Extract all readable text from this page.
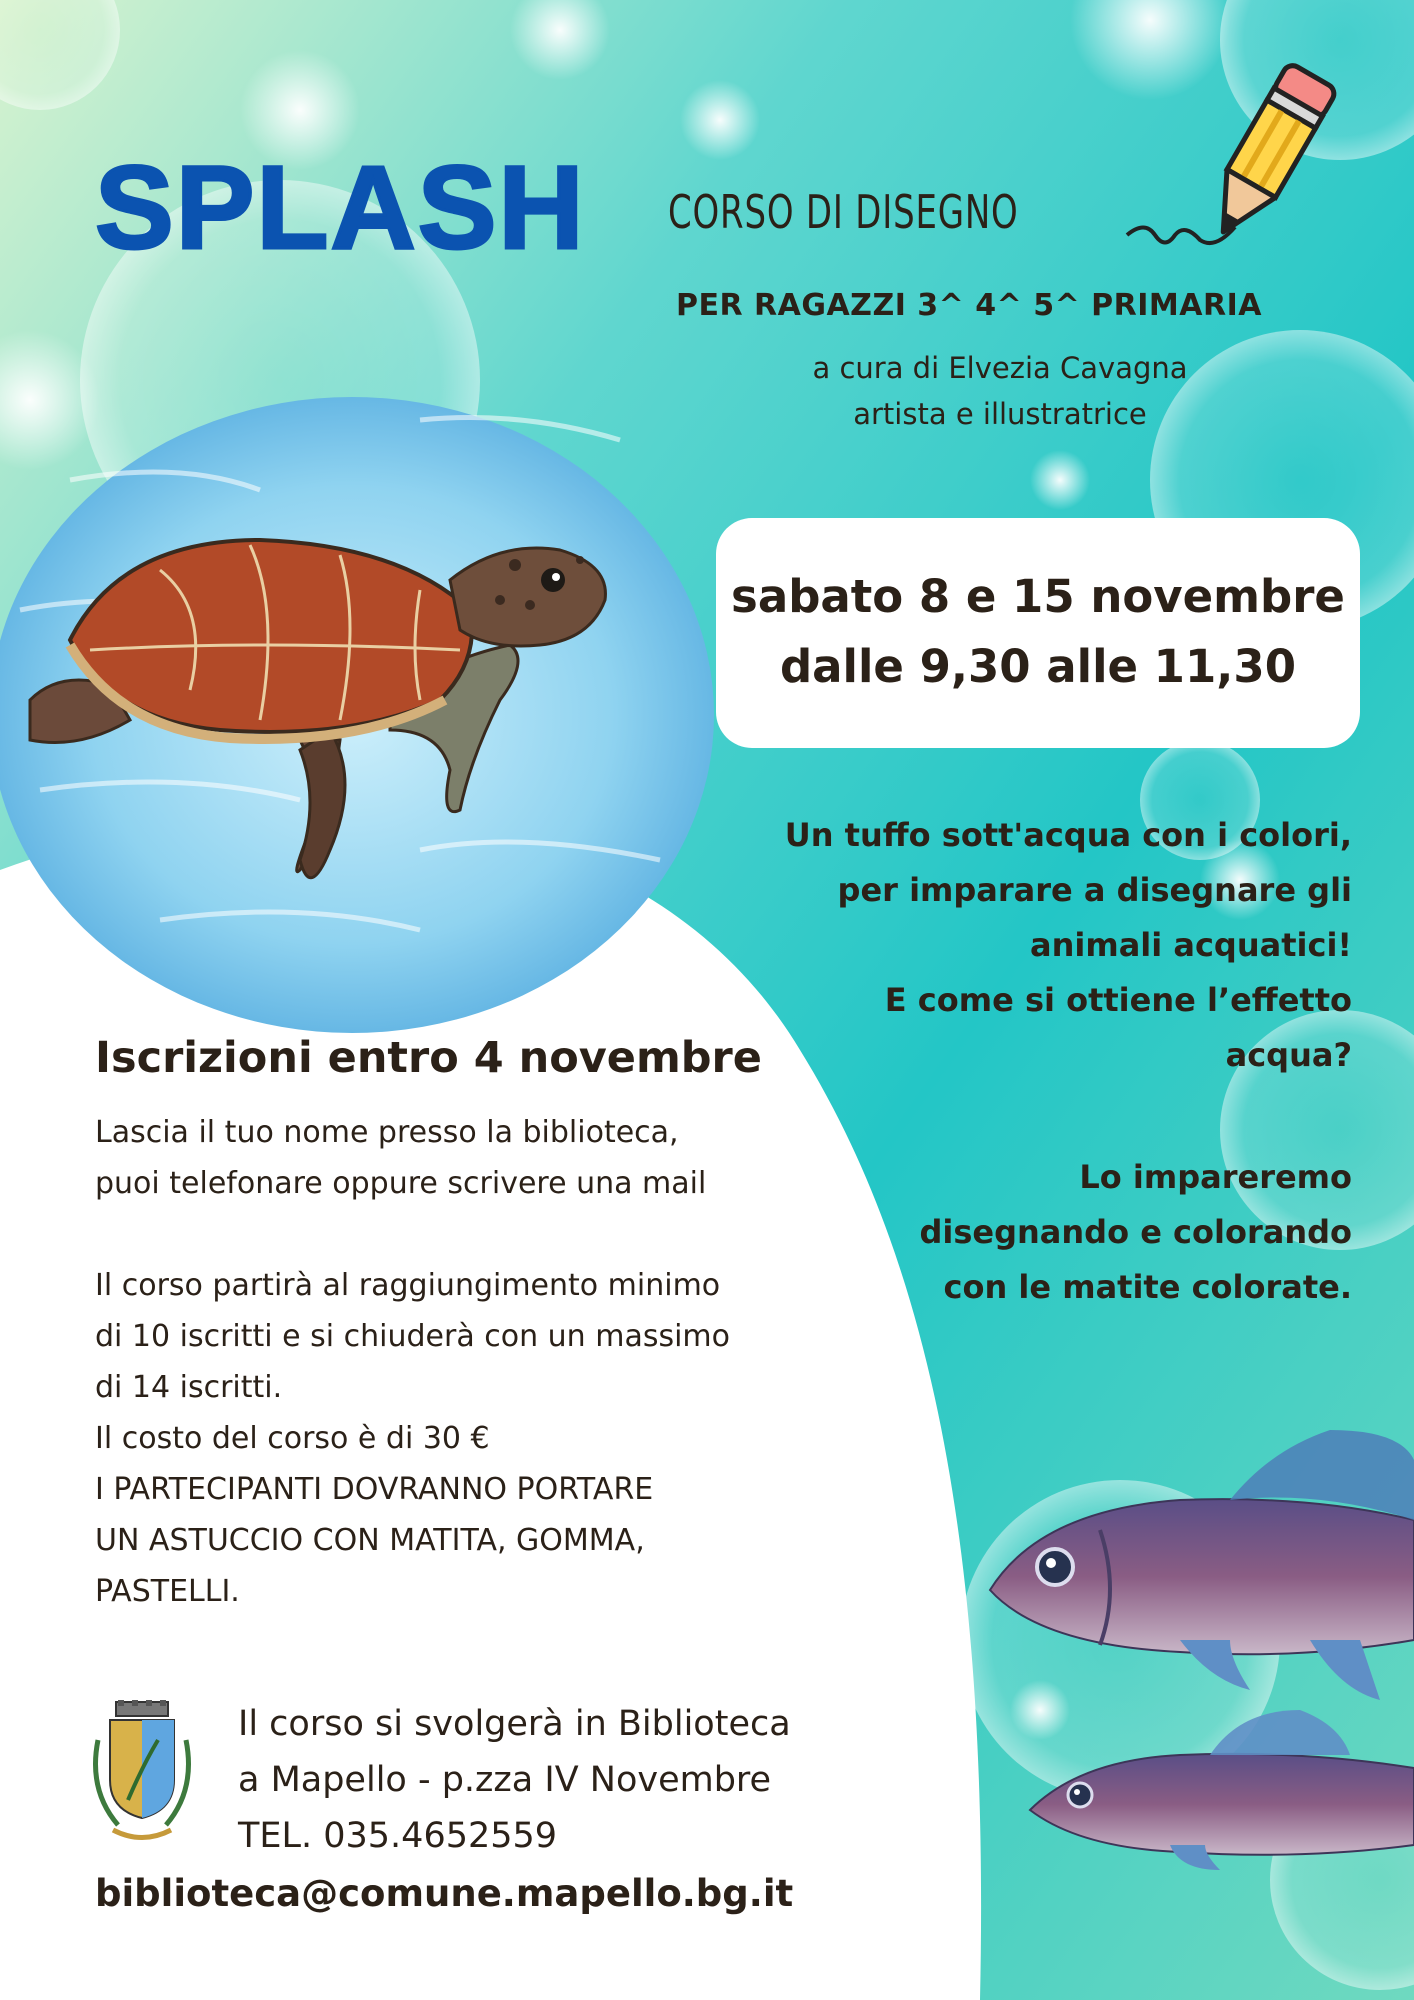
SPLASH CORSO DI DISEGNO
PER RAGAZZI 3^ 4^ 5^ PRIMARIA
a cura di Elvezia Cavagna
artista e illustratrice
sabato 8 e 15 novembre
dalle 9,30 alle 11,30
Un tuffo sott'acqua con i colori,
per imparare a disegnare gli
animali acquatici!
E come si ottiene l’effetto
acqua?
Lo impareremo
disegnando e colorando
con le matite colorate.
Iscrizioni entro 4 novembre
Lascia il tuo nome presso la biblioteca,
puoi telefonare oppure scrivere una mail
Il corso partirà al raggiungimento minimo
di 10 iscritti e si chiuderà con un massimo
di 14 iscritti.
Il costo del corso è di 30 €
I PARTECIPANTI DOVRANNO PORTARE
UN ASTUCCIO CON MATITA, GOMMA,
PASTELLI.
Il corso si svolgerà in Biblioteca
a Mapello - p.zza IV Novembre
TEL. 035.4652559
biblioteca@comune.mapello.bg.it
